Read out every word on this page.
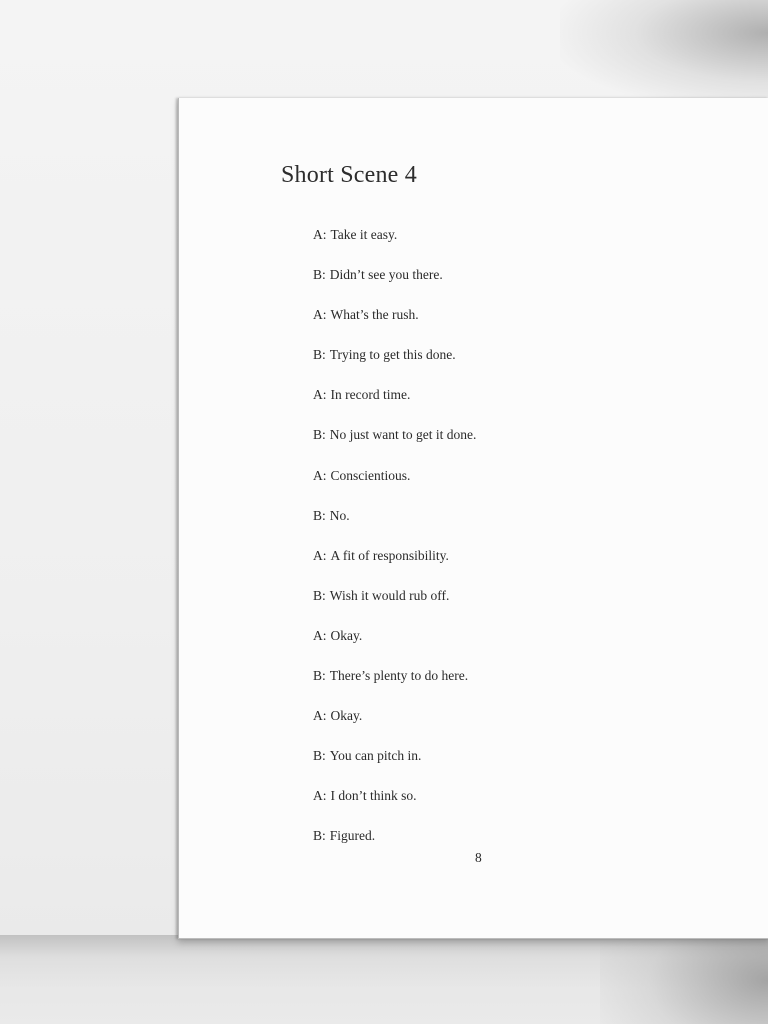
Short Scene 4
A: Take it easy.
B: Didn’t see you there.
A: What’s the rush.
B: Trying to get this done.
A: In record time.
B: No just want to get it done.
A: Conscientious.
B: No.
A: A fit of responsibility.
B: Wish it would rub off.
A: Okay.
B: There’s plenty to do here.
A: Okay.
B: You can pitch in.
A: I don’t think so.
B: Figured.
8
